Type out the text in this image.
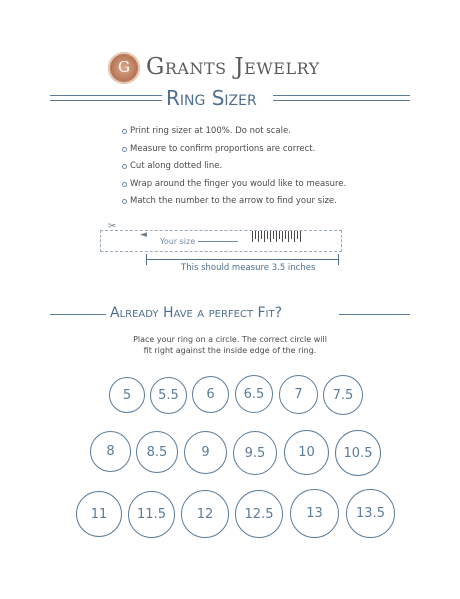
G Grants Jewelry
Ring Sizer
Print ring sizer at 100%. Do not scale.
Measure to confirm proportions are correct.
Cut along dotted line.
Wrap around the finger you would like to measure.
Match the number to the arrow to find your size.
✂
◄
Your size
This should measure 3.5 inches
Already Have a perfect Fit?
Place your ring on a circle. The correct circle will
fit right against the inside edge of the ring.
5	5.5	6	6.5	7	7.5
8	8.5	9	9.5	10	10.5
11	11.5	12	12.5	13	13.5
